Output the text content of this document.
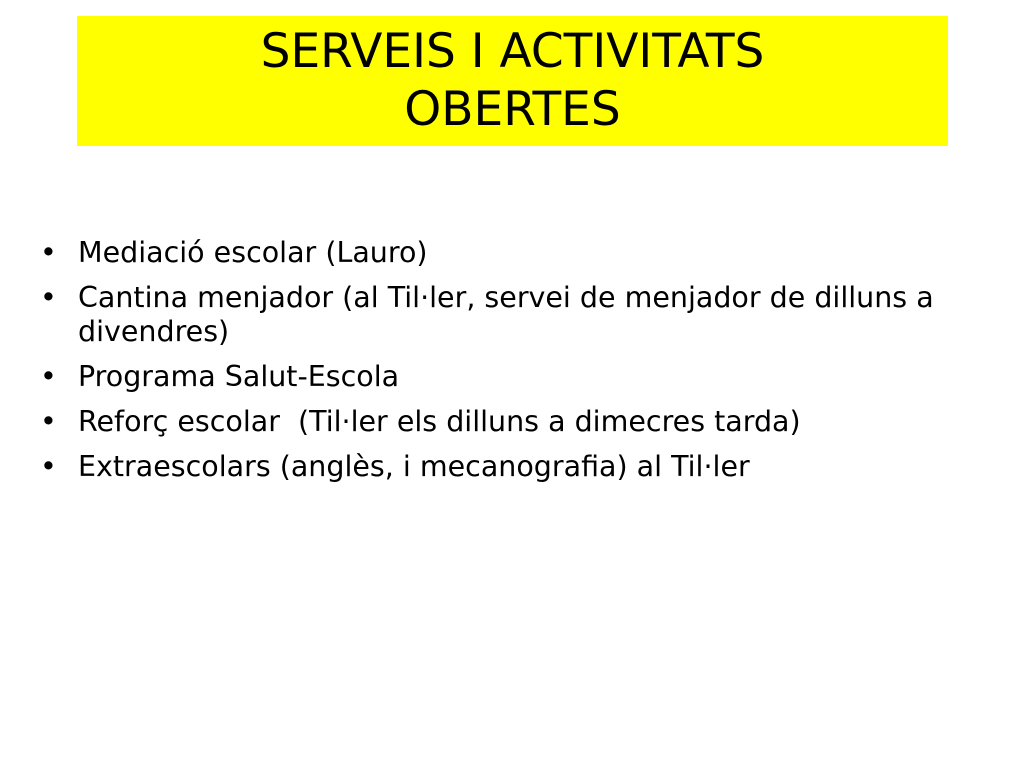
SERVEIS I ACTIVITATS OBERTES
• Mediació escolar (Lauro)
• Cantina menjador (al Til·ler, servei de menjador de dilluns a divendres)
• Programa Salut-Escola
• Reforç escolar  (Til·ler els dilluns a dimecres tarda)
• Extraescolars (anglès, i mecanografia) al Til·ler
